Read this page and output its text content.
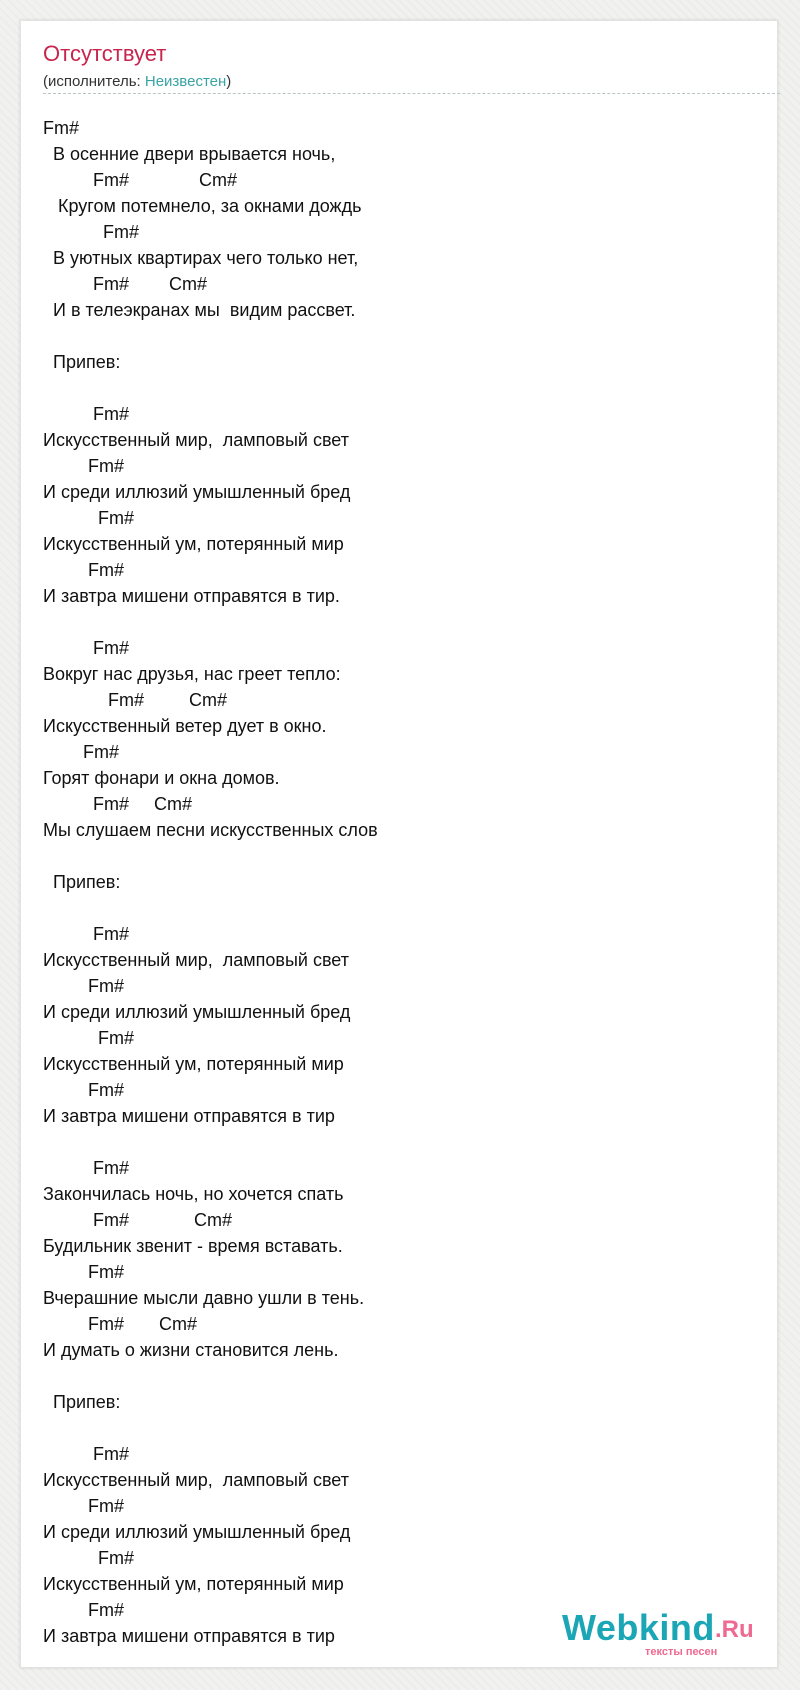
Отсутствует
(исполнитель: Неизвестен)
Fm#
В осенние двери врывается ночь,
Fm#              Cm#
Кругом потемнело, за окнами дождь
Fm#
В уютных квартирах чего только нет,
Fm#        Cm#
И в телеэкранах мы  видим рассвет.

Припев:

Fm#
Искусственный мир,  ламповый свет
Fm#
И среди иллюзий умышленный бред
Fm#
Искусственный ум, потерянный мир
Fm#
И завтра мишени отправятся в тир.

Fm#
Вокруг нас друзья, нас греет тепло:
Fm#         Cm#
Искусственный ветер дует в окно.
Fm#
Горят фонари и окна домов.
Fm#     Cm#
Мы слушаем песни искусственных слов

Припев:

Fm#
Искусственный мир,  ламповый свет
Fm#
И среди иллюзий умышленный бред
Fm#
Искусственный ум, потерянный мир
Fm#
И завтра мишени отправятся в тир

Fm#
Закончилась ночь, но хочется спать
Fm#             Cm#
Будильник звенит - время вставать.
Fm#
Вчерашние мысли давно ушли в тень.
Fm#       Cm#
И думать о жизни становится лень.

Припев:

Fm#
Искусственный мир,  ламповый свет
Fm#
И среди иллюзий умышленный бред
Fm#
Искусственный ум, потерянный мир
Fm#
И завтра мишени отправятся в тир	Webkind .Ru
тексты песен
